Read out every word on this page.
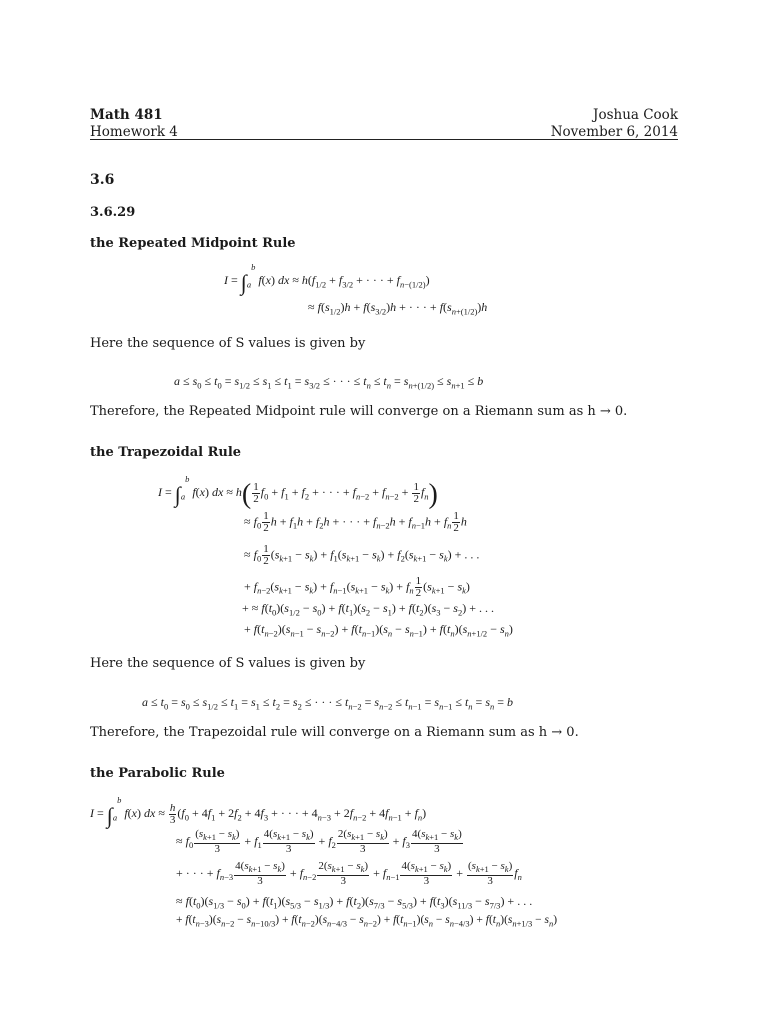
Math 481
Homework 4
Joshua Cook
November 6, 2014
3.6
3.6.29
the Repeated Midpoint Rule
$I = \int_a^b$ f(x) dx ≈ $h(f_{1/2} + f_{3/2}$ + · · · + $f_{n-(1/2)}$)
≈ $f(s_{1/2})h + f(s_{3/2})h$ + · · · + $f(s_{n+(1/2)})h$
Here the sequence of S values is given by
$a \le s_0 \le t_0 = s_{1/2} \le s_1 \le t_1 = s_{3/2}$ ≤ · · · ≤ $t_n \le t_n = s_{n+(1/2)} \le s_{n+1} \le b$
Therefore, the Repeated Midpoint rule will converge on a Riemann sum as h → 0.
the Trapezoidal Rule
$I = \int_a^b$ f(x) dx ≈ $h( \frac{1}{2} f_0 + f_1 + f_2$ + · · · + $f_{n-2} + f_{n-2} + \frac{1}{2} f_n$)
≈ $f_0 \frac{1}{2}$ $h + f_1h + f_2h$ + · · · + $f_{n-2}h + f_{n-1}h + f_n \frac{1}{2}$ h
≈ $f_0 \frac{1}{2} (s_{k+1} - s_k) + f_1(s_{k+1} - s_k) + f_2(s_{k+1} - s_k)$ + . . .
+ $f_{n-2}(s_{k+1} - s_k) + f_{n-1}(s_{k+1} - s_k) + f_n \frac{1}{2} (s_{k+1} - s_k)$
+ ≈ $f(t_0)(s_{1/2} - s_0) + f(t_1)(s_2 - s_1) + f(t_2)(s_3 - s_2)$ + . . .
+ $f(t_{n-2})(s_{n-1} - s_{n-2}) + f(t_{n-1})(s_n - s_{n-1}) + f(t_n)(s_{n+1/2} - s_n)$
Here the sequence of S values is given by
$a \le t_0 = s_0 \le s_{1/2} \le t_1 = s_1 \le t_2 = s_2$ ≤ · · · ≤ $t_{n-2} = s_{n-2} \le t_{n-1} = s_{n-1} \le t_n = s_n = b$
Therefore, the Trapezoidal rule will converge on a Riemann sum as h → 0.
the Parabolic Rule
$I = \int_a^b$ f(x) dx ≈ $\frac{h}{3} (f_0 + 4f_1 + 2f_2 + 4f_3$ + · · · + $4_{n-3} + 2f_{n-2} + 4f_{n-1} + f_n$)
≈ $f_0 \frac{(s_{k+1} - s_k)}{3} + f_1 \frac{4(s_{k+1} - s_k)}{3} + f_2 \frac{2(s_{k+1} - s_k)}{3} + f_3 \frac{4(s_{k+1} - s_k)}{3}$
+ · · · + $f_{n-3} \frac{4(s_{k+1} - s_k)}{3} + f_{n-2} \frac{2(s_{k+1} - s_k)}{3} + f_{n-1} \frac{4(s_{k+1} - s_k)}{3} + \frac{(s_{k+1} - s_k)}{3} f_n$
≈ $f(t_0)(s_{1/3} - s_0) + f(t_1)(s_{5/3} - s_{1/3}) + f(t_2)(s_{7/3} - s_{5/3}) + f(t_3)(s_{11/3} - s_{7/3})$ + . . .
+ $f(t_{n-3})(s_{n-2} - s_{n-10/3}) + f(t_{n-2})(s_{n-4/3} - s_{n-2}) + f(t_{n-1})(s_n - s_{n-4/3}) + f(t_n)(s_{n+1/3} - s_n)$
